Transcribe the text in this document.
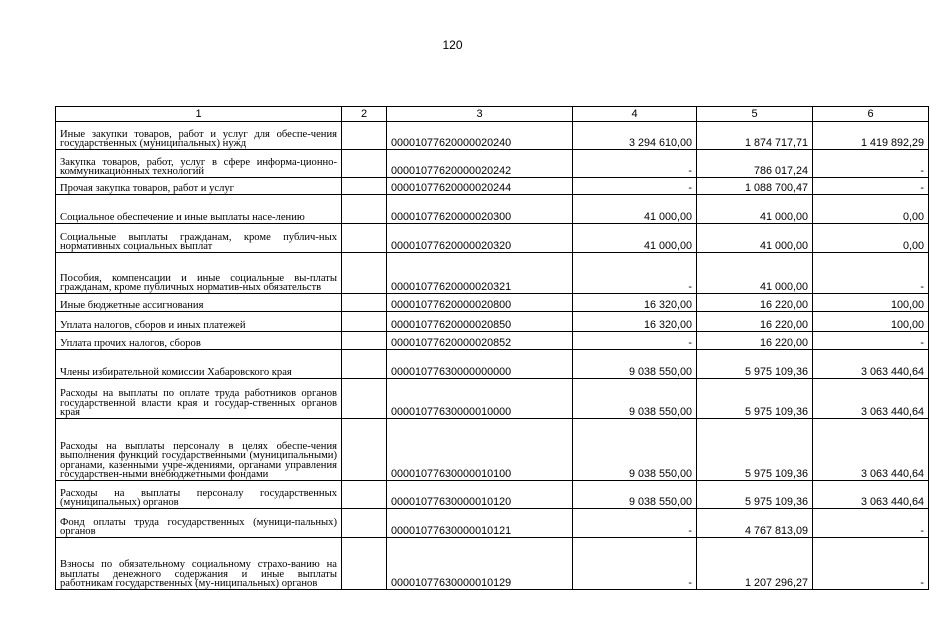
120
1	2	3	4	5	6
Иные закупки товаров, работ и услуг для обеспе-чения государственных (муниципальных) нужд		00001077620000020240	3 294 610,00	1 874 717,71	1 419 892,29
Закупка товаров, работ, услуг в сфере информа-ционно-коммуникационных технологий		00001077620000020242	-	786 017,24	-
Прочая закупка товаров, работ и услуг		00001077620000020244	-	1 088 700,47	-
Социальное обеспечение и иные выплаты насе-лению		00001077620000020300	41 000,00	41 000,00	0,00
Социальные выплаты гражданам, кроме публич-ных нормативных социальных выплат		00001077620000020320	41 000,00	41 000,00	0,00
Пособия, компенсации и иные социальные вы-платы гражданам, кроме публичных норматив-ных обязательств		00001077620000020321	-	41 000,00	-
Иные бюджетные ассигнования		00001077620000020800	16 320,00	16 220,00	100,00
Уплата налогов, сборов и иных платежей		00001077620000020850	16 320,00	16 220,00	100,00
Уплата прочих налогов, сборов		00001077620000020852	-	16 220,00	-
Члены избирательной комиссии Хабаровского края		00001077630000000000	9 038 550,00	5 975 109,36	3 063 440,64
Расходы на выплаты по оплате труда работников органов государственной власти края и государ-ственных органов края		00001077630000010000	9 038 550,00	5 975 109,36	3 063 440,64
Расходы на выплаты персоналу в целях обеспе-чения выполнения функций государственными (муниципальными) органами, казенными учре-ждениями, органами управления государствен-ными внебюджетными фондами		00001077630000010100	9 038 550,00	5 975 109,36	3 063 440,64
Расходы на выплаты персоналу государственных (муниципальных) органов		00001077630000010120	9 038 550,00	5 975 109,36	3 063 440,64
Фонд оплаты труда государственных (муници-пальных) органов		00001077630000010121	-	4 767 813,09	-
Взносы по обязательному социальному страхо-ванию на выплаты денежного содержания и иные выплаты работникам государственных (му-ниципальных) органов		00001077630000010129	-	1 207 296,27	-
